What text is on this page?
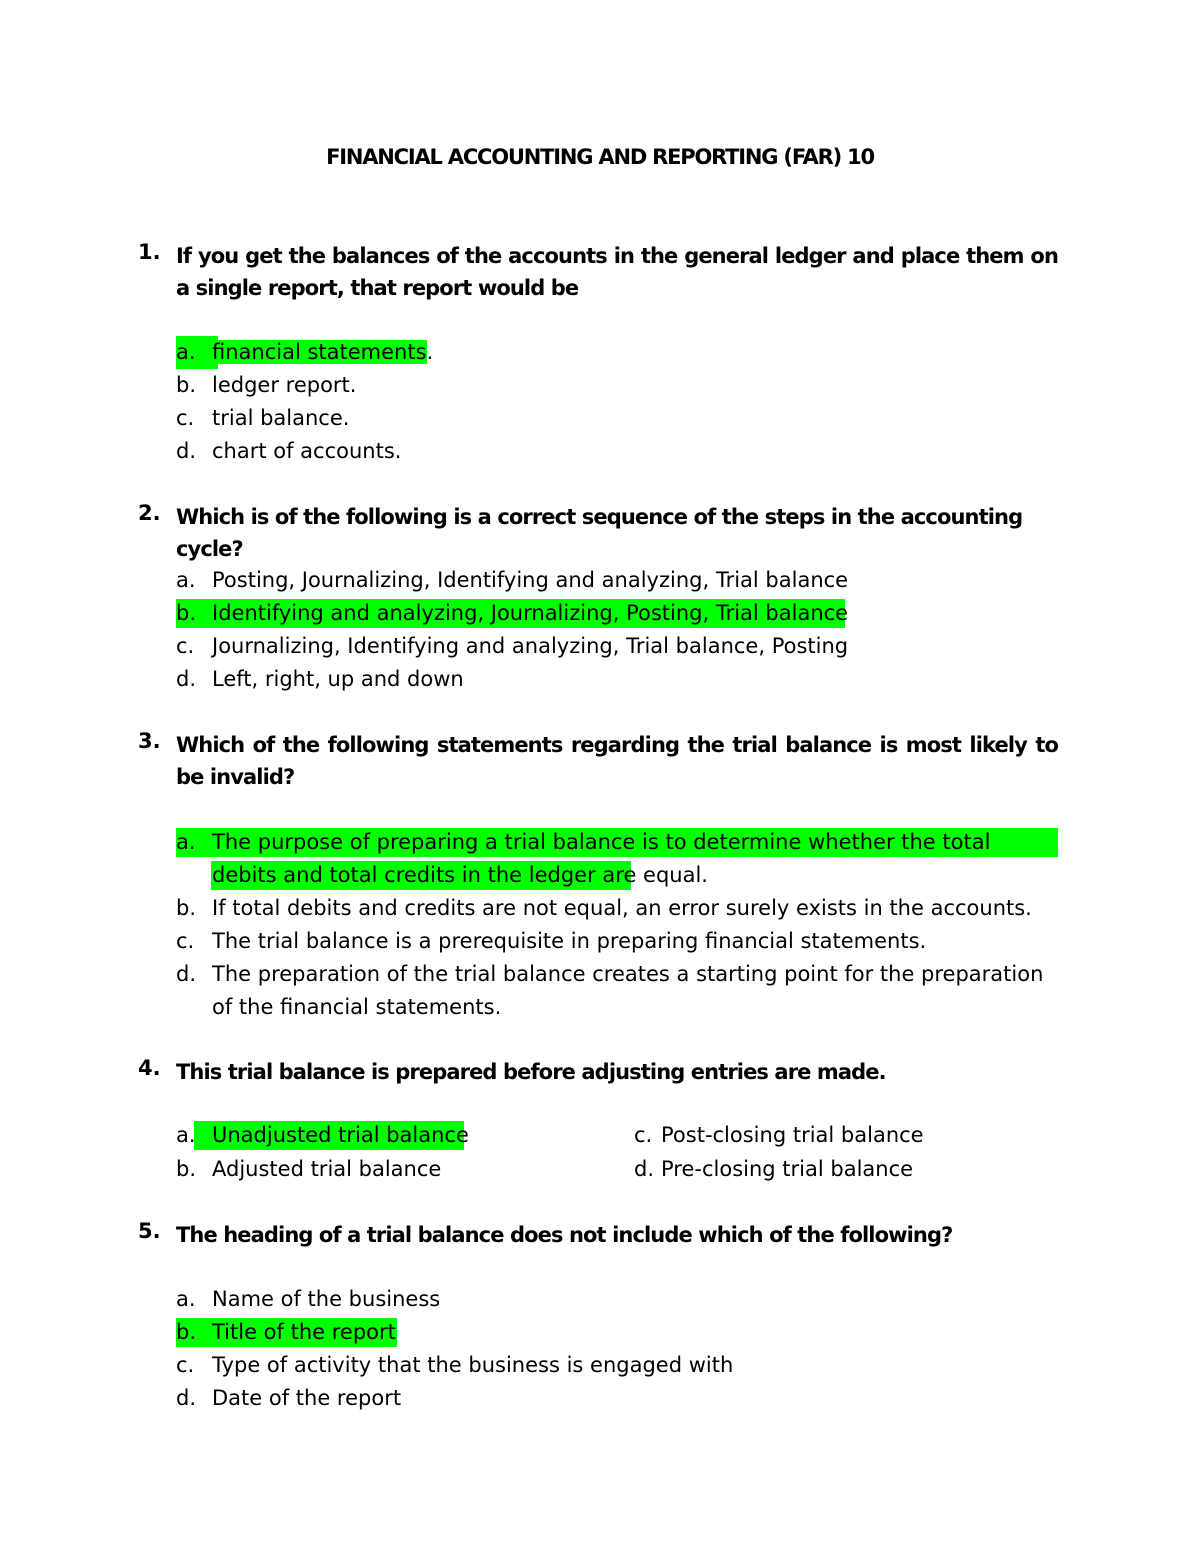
FINANCIAL ACCOUNTING AND REPORTING (FAR) 10
1. If you get the balances of the accounts in the general ledger and place them on a single report, that report would be
a. financial statements.
b. ledger report.
c. trial balance.
d. chart of accounts.
2. Which is of the following is a correct sequence of the steps in the accounting cycle?
a. Posting, Journalizing, Identifying and analyzing, Trial balance
b. Identifying and analyzing, Journalizing, Posting, Trial balance
c. Journalizing, Identifying and analyzing, Trial balance, Posting
d. Left, right, up and down
3. Which of the following statements regarding the trial balance is most likely to be invalid?
a. The purpose of preparing a trial balance is to determine whether the total debits and total credits in the ledger are equal.
b. If total debits and credits are not equal, an error surely exists in the accounts.
c. The trial balance is a prerequisite in preparing financial statements.
d. The preparation of the trial balance creates a starting point for the preparation of the financial statements.
4. This trial balance is prepared before adjusting entries are made.
a. Unadjusted trial balance
b. Adjusted trial balance
c. Post-closing trial balance
d. Pre-closing trial balance
5. The heading of a trial balance does not include which of the following?
a. Name of the business
b. Title of the report
c. Type of activity that the business is engaged with
d. Date of the report
